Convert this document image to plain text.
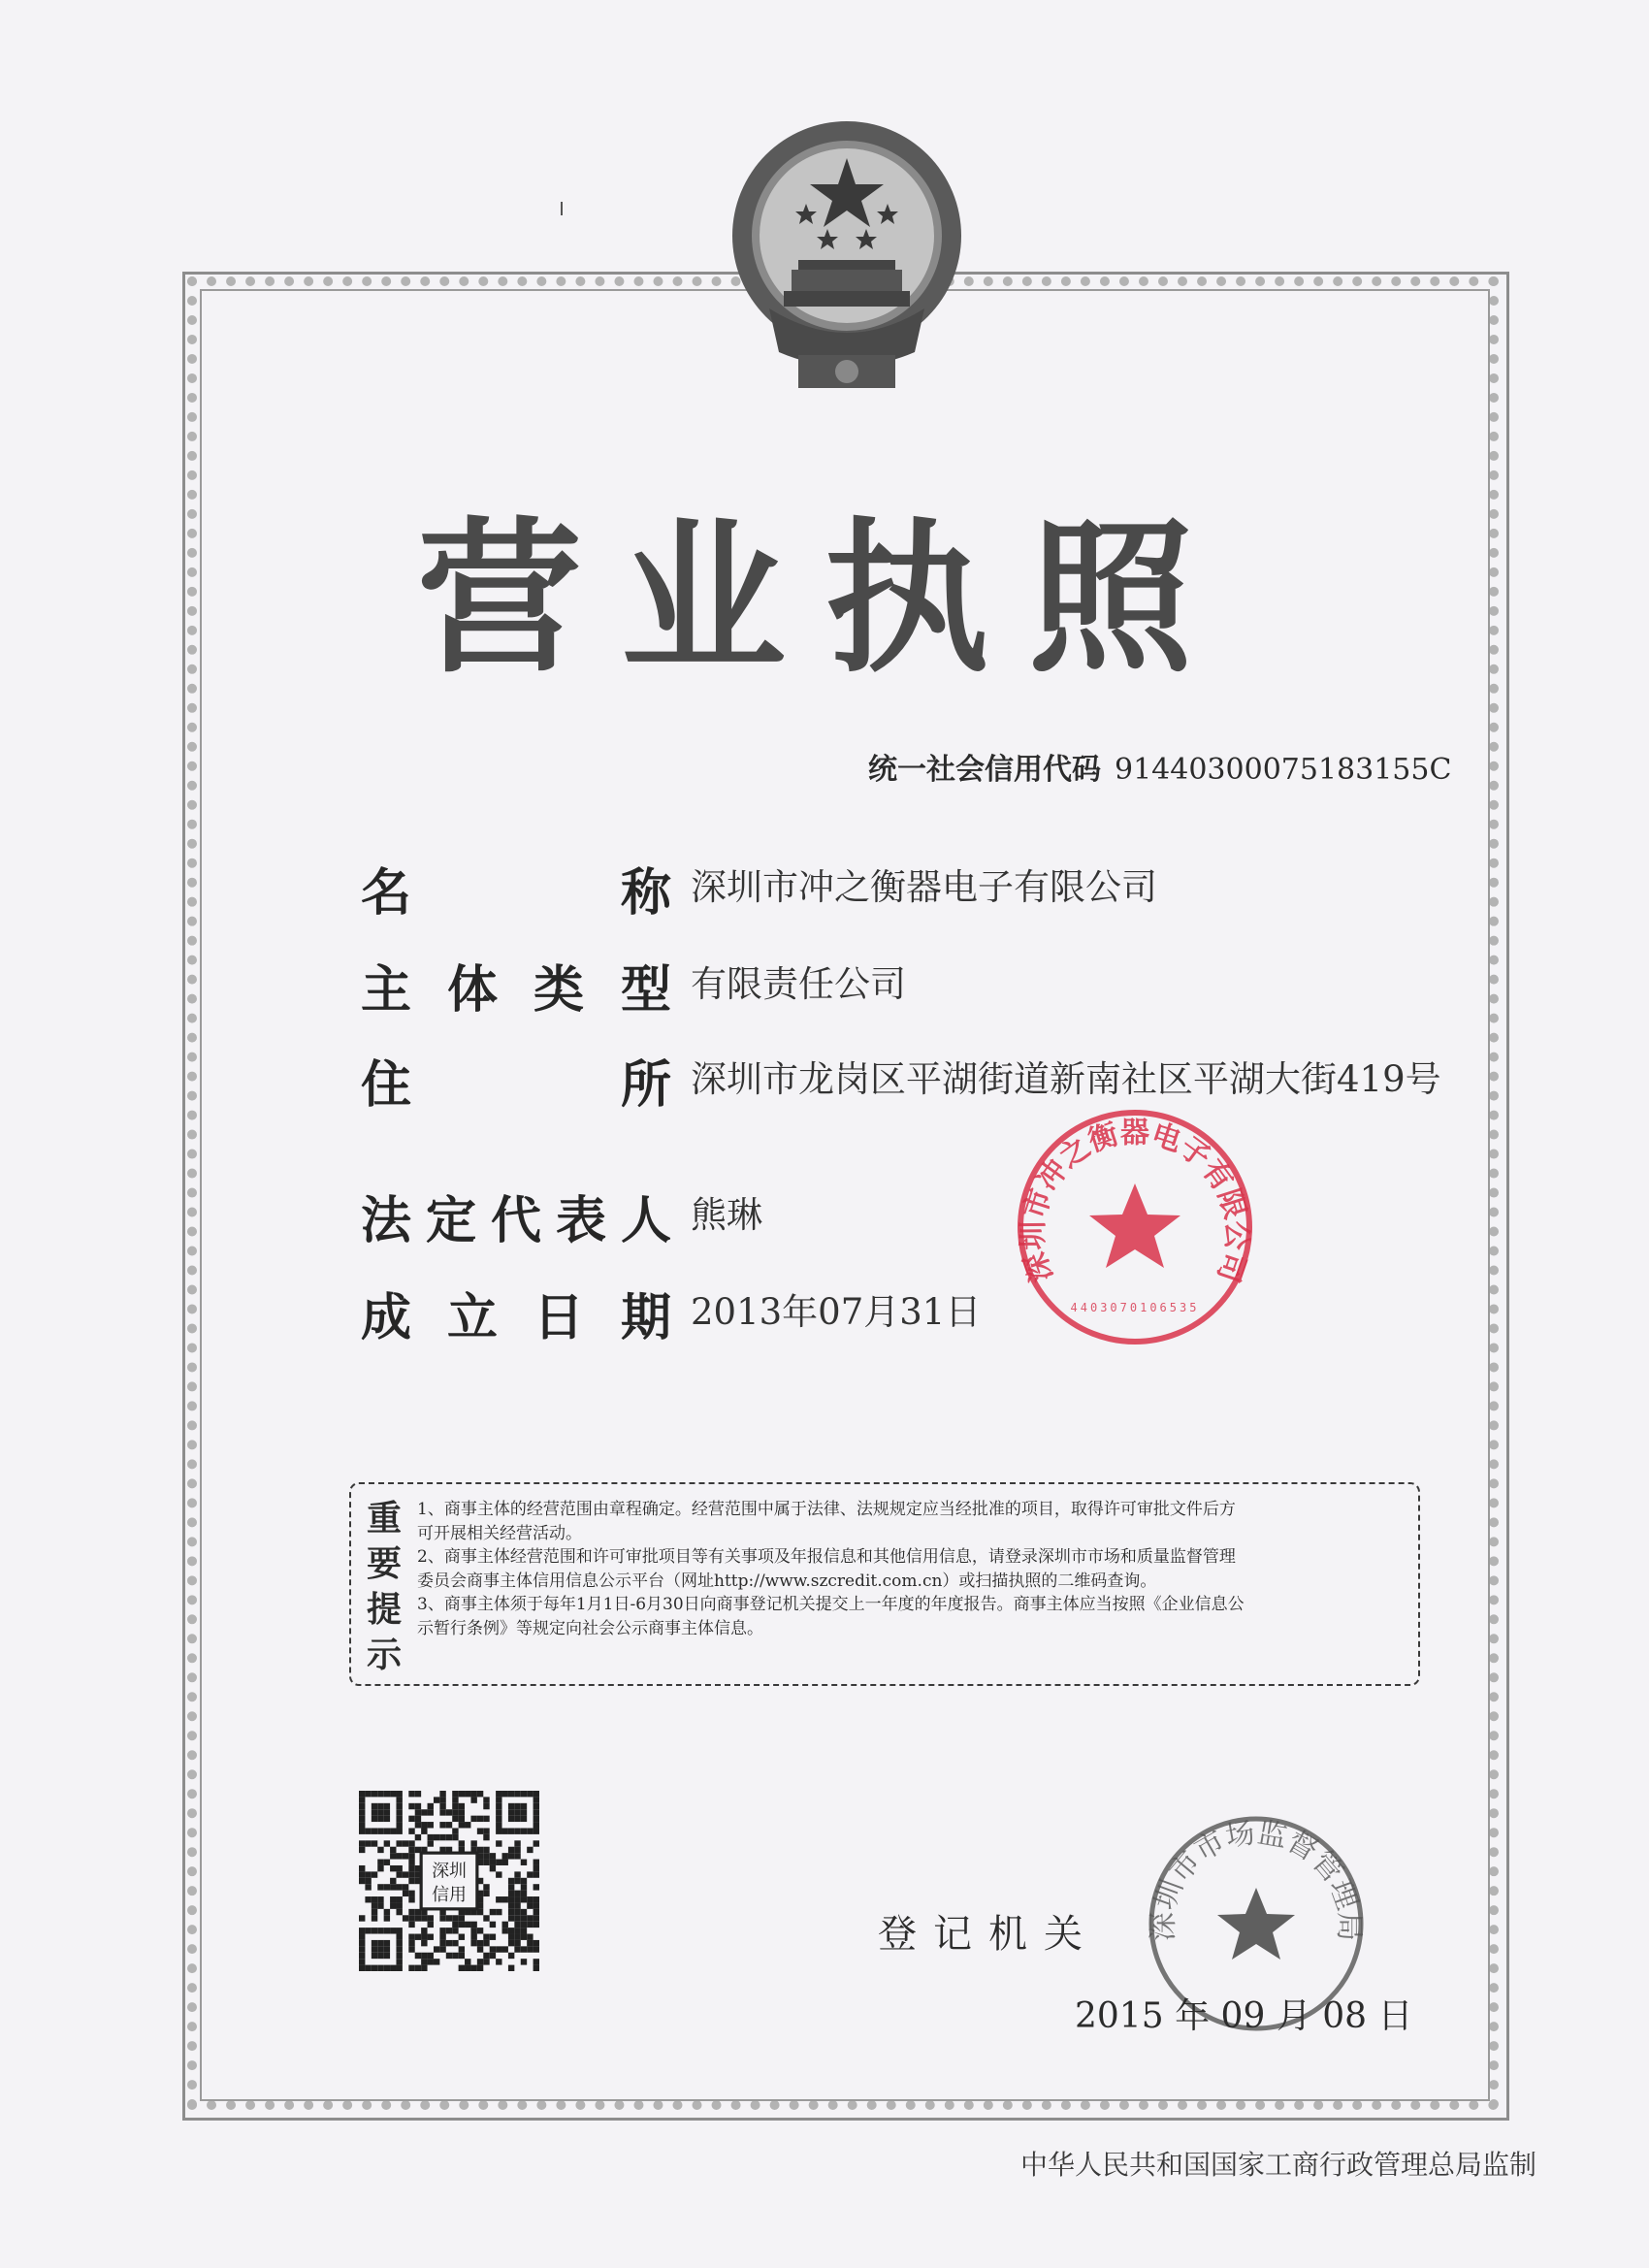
营业执照
统一社会信用代码 91440300075183155C
名	称 深圳市冲之衡器电子有限公司
主 体 类 型 有限责任公司
住	所 深圳市龙岗区平湖街道新南社区平湖大街419号
法 定 代 表 人 熊琳
成 立 日 期 2013年07月31日
深圳市冲之衡器电子有限公司
4403070106535
重
要
提
示
1、商事主体的经营范围由章程确定。经营范围中属于法律、法规规定应当经批准的项目，取得许可审批文件后方
可开展相关经营活动。
2、商事主体经营范围和许可审批项目等有关事项及年报信息和其他信用信息，请登录深圳市市场和质量监督管理
委员会商事主体信用信息公示平台（网址http://www.szcredit.com.cn）或扫描执照的二维码查询。
3、商事主体须于每年1月1日-6月30日向商事登记机关提交上一年度的年度报告。商事主体应当按照《企业信息公
示暂行条例》等规定向社会公示商事主体信息。
深圳
信用
登记机关 深圳市市场监督管理局
2015 年 09 月 08 日
中华人民共和国国家工商行政管理总局监制
